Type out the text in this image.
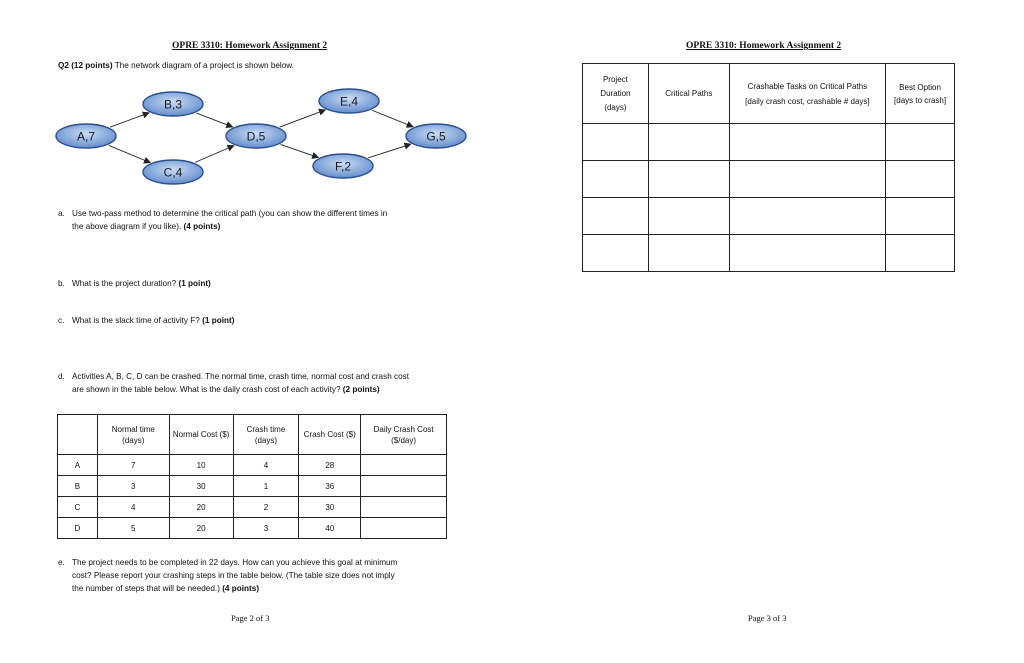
OPRE 3310: Homework Assignment 2
Q2 (12 points) The network diagram of a project is shown below.
A,7
B,3
C,4
D,5
E,4
F,2
G,5
a. Use two-pass method to determine the critical path (you can show the different times in
the above diagram if you like). (4 points)
b. What is the project duration? (1 point)
c. What is the slack time of activity F? (1 point)
d. Activities A, B, C, D can be crashed. The normal time, crash time, normal cost and crash cost
are shown in the table below. What is the daily crash cost of each activity? (2 points)
	Normal time
(days)	Normal Cost ($)	Crash time
(days)	Crash Cost ($)	Daily Crash Cost
($/day)
A	7	10	4	28	
B	3	30	1	36	
C	4	20	2	30	
D	5	20	3	40	
e. The project needs to be completed in 22 days. How can you achieve this goal at minimum
cost? Please report your crashing steps in the table below. (The table size does not imply
the number of steps that will be needed.) (4 points)
Page 2 of 3
OPRE 3310: Homework Assignment 2
Project
Duration
(days)	Critical Paths	Crashable Tasks on Critical Paths
[daily crash cost, crashable # days]	Best Option
[days to crash]

Page 3 of 3
